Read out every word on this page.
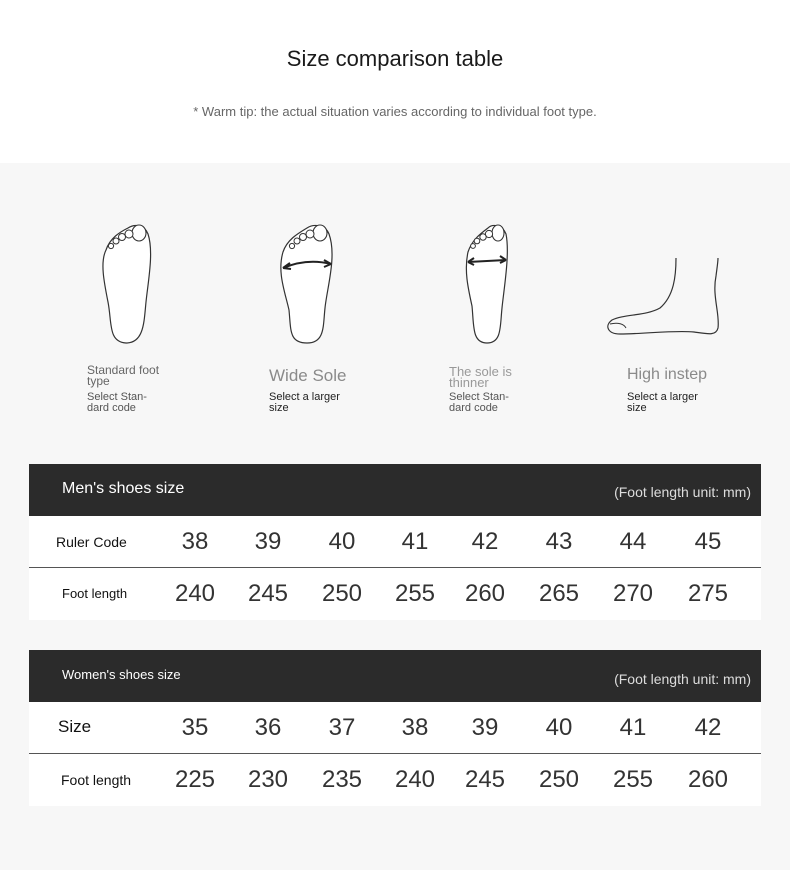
Size comparison table
* Warm tip: the actual situation varies according to individual foot type.
Standard foot
type
Select Stan-
dard code
Wide Sole
Select a larger
size
The sole is
thinner
Select Stan-
dard code
High instep
Select a larger
size
Men's shoes size	(Foot length unit: mm)
Ruler Code	38	39	40	41	42	43	44	45
Foot length	240	245	250	255	260	265	270	275
Women's shoes size	(Foot length unit: mm)
Size	35	36	37	38	39	40	41	42
Foot length	225	230	235	240	245	250	255	260
